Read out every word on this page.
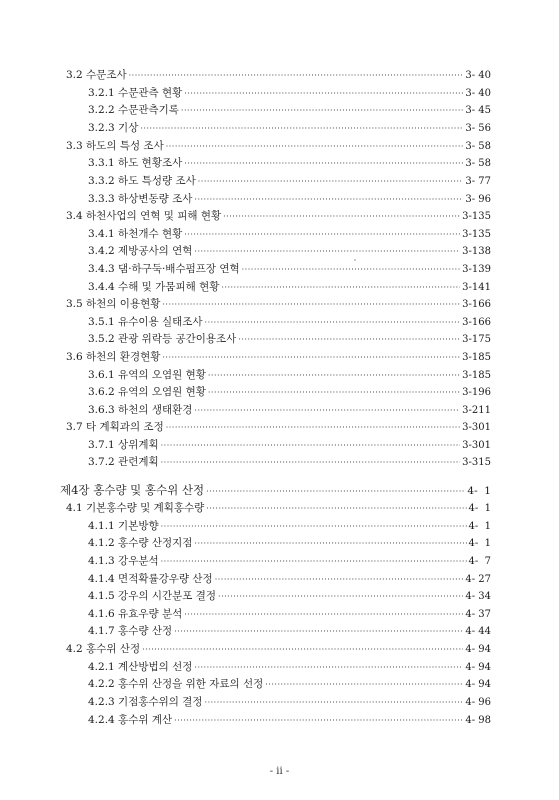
3.2 수문조사 ·····	3- 40
3.2.1 수문관측 현황 ·····	3- 40
3.2.2 수문관측기록 ·····	3- 45
3.2.3 기상 ·····	3- 56
3.3 하도의 특성 조사 ·····	3- 58
3.3.1 하도 현황조사 ·····	3- 58
3.3.2 하도 특성량 조사 ·····	3- 77
3.3.3 하상변동량 조사 ·····	3- 96
3.4 하천사업의 연혁 및 피해 현황 ·····	3-135
3.4.1 하천개수 현황 ·····	3-135
3.4.2 제방공사의 연혁 ·····	3-138
3.4.3 댐·하구둑·배수펌프장 연혁 ·····	3-139
3.4.4 수해 및 가뭄피해 현황 ·····	3-141
3.5 하천의 이용현황 ·····	3-166
3.5.1 유수이용 실태조사 ·····	3-166
3.5.2 관광 위락등 공간이용조사 ·····	3-175
3.6 하천의 환경현황 ·····	3-185
3.6.1 유역의 오염원 현황 ·····	3-185
3.6.2 유역의 오염원 현황 ·····	3-196
3.6.3 하천의 생태환경 ·····	3-211
3.7 타 계획과의 조정 ·····	3-301
3.7.1 상위계획 ·····	3-301
3.7.2 관련계획 ·····	3-315
제4장 홍수량 및 홍수위 산정 ·····	4-  1
4.1 기본홍수량 및 계획홍수량 ·····	4-  1
4.1.1 기본방향 ·····	4-  1
4.1.2 홍수량 산정지점 ·····	4-  1
4.1.3 강우분석 ·····	4-  7
4.1.4 면적확률강우량 산정 ·····	4- 27
4.1.5 강우의 시간분포 결정 ·····	4- 34
4.1.6 유효우량 분석 ·····	4- 37
4.1.7 홍수량 산정 ·····	4- 44
4.2 홍수위 산정 ·····	4- 94
4.2.1 계산방법의 선정 ·····	4- 94
4.2.2 홍수위 산정을 위한 자료의 선정 ·····	4- 94
4.2.3 기점홍수위의 결정 ·····	4- 96
4.2.4 홍수위 계산 ·····	4- 98
- ii -
